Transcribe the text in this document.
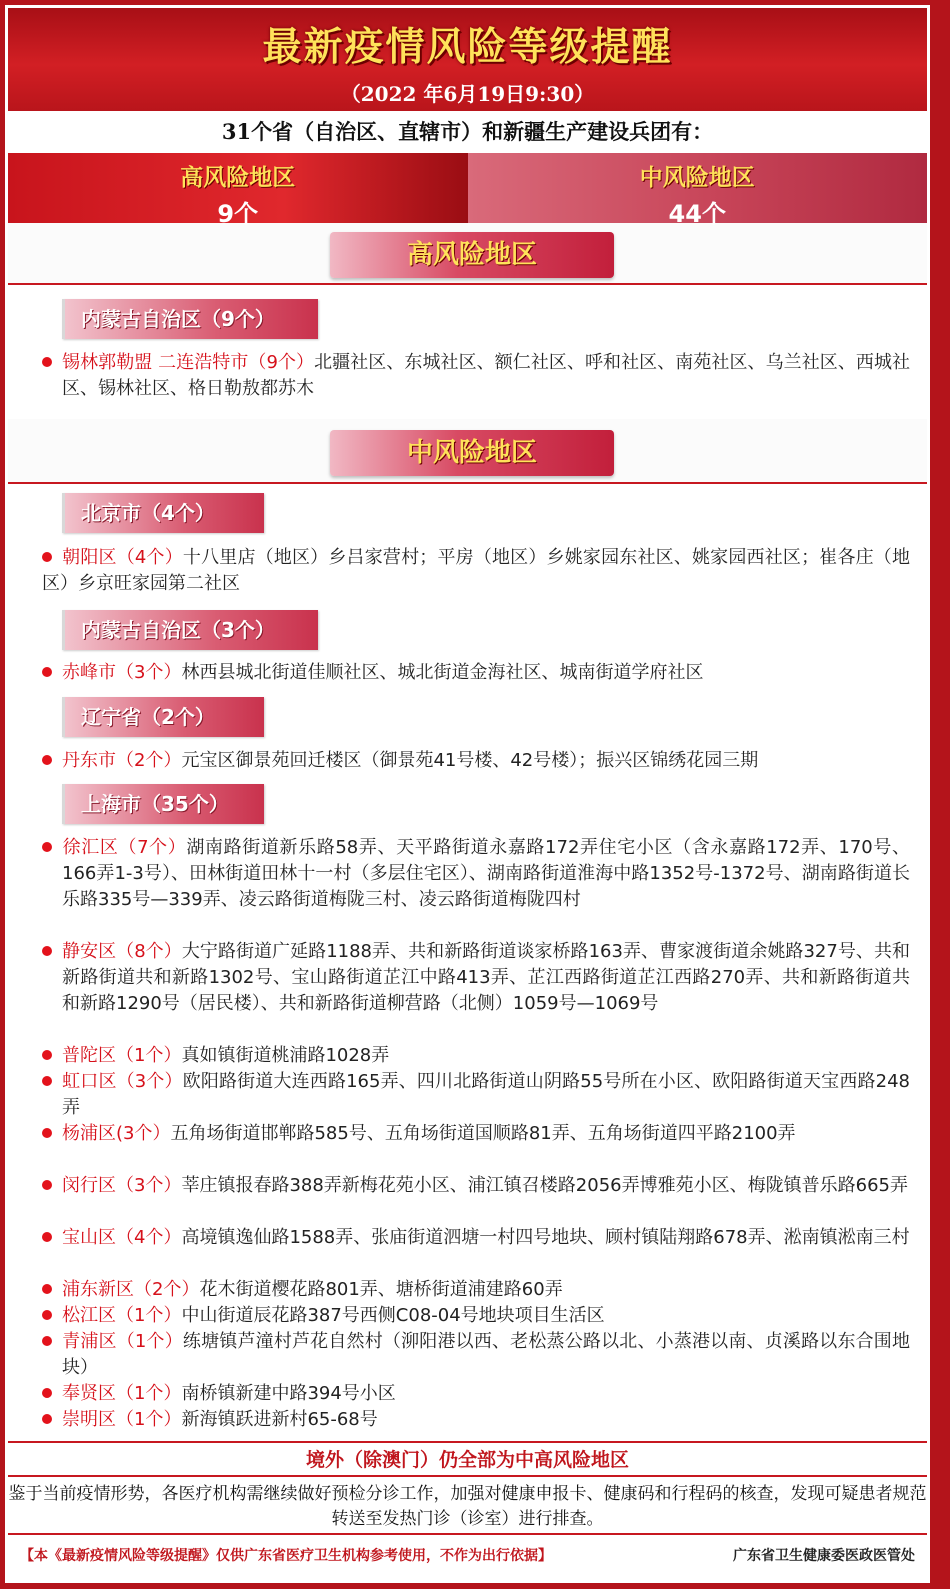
最新疫情风险等级提醒
（2022 年6月19日9:30）
31个省（自治区、直辖市）和新疆生产建设兵团有：
高风险地区
9个
中风险地区
44个
高风险地区
内蒙古自治区（9个）
锡林郭勒盟 二连浩特市（9个）北疆社区、东城社区、额仁社区、呼和社区、南苑社区、乌兰社区、西城社区、锡林社区、格日勒敖都苏木
中风险地区
北京市（4个）
朝阳区（4个）十八里店（地区）乡吕家营村；平房（地区）乡姚家园东社区、姚家园西社区；崔各庄（地区）乡京旺家园第二社区
内蒙古自治区（3个）
赤峰市（3个）林西县城北街道佳顺社区、城北街道金海社区、城南街道学府社区
辽宁省（2个）
丹东市（2个）元宝区御景苑回迁楼区（御景苑41号楼、42号楼）；振兴区锦绣花园三期
上海市（35个）
徐汇区（7个）湖南路街道新乐路58弄、天平路街道永嘉路172弄住宅小区（含永嘉路172弄、170号、166弄1-3号）、田林街道田林十一村（多层住宅区）、湖南路街道淮海中路1352号-1372号、湖南路街道长乐路335号—339弄、凌云路街道梅陇三村、凌云路街道梅陇四村
静安区（8个）大宁路街道广延路1188弄、共和新路街道谈家桥路163弄、曹家渡街道余姚路327号、共和新路街道共和新路1302号、宝山路街道芷江中路413弄、芷江西路街道芷江西路270弄、共和新路街道共和新路1290号（居民楼）、共和新路街道柳营路（北侧）1059号—1069号
普陀区（1个）真如镇街道桃浦路1028弄
虹口区（3个）欧阳路街道大连西路165弄、四川北路街道山阴路55号所在小区、欧阳路街道天宝西路248弄
杨浦区(3个）五角场街道邯郸路585号、五角场街道国顺路81弄、五角场街道四平路2100弄
闵行区（3个）莘庄镇报春路388弄新梅花苑小区、浦江镇召楼路2056弄博雅苑小区、梅陇镇普乐路665弄
宝山区（4个）高境镇逸仙路1588弄、张庙街道泗塘一村四号地块、顾村镇陆翔路678弄、淞南镇淞南三村
浦东新区（2个）花木街道樱花路801弄、塘桥街道浦建路60弄
松江区（1个）中山街道辰花路387号西侧C08-04号地块项目生活区
青浦区（1个）练塘镇芦潼村芦花自然村（泖阳港以西、老松蒸公路以北、小蒸港以南、贞溪路以东合围地块）
奉贤区（1个）南桥镇新建中路394号小区
崇明区（1个）新海镇跃进新村65-68号
境外（除澳门）仍全部为中高风险地区
鉴于当前疫情形势，各医疗机构需继续做好预检分诊工作，加强对健康申报卡、健康码和行程码的核查，发现可疑患者规范转送至发热门诊（诊室）进行排查。
【本《最新疫情风险等级提醒》仅供广东省医疗卫生机构参考使用，不作为出行依据】	广东省卫生健康委医政医管处
